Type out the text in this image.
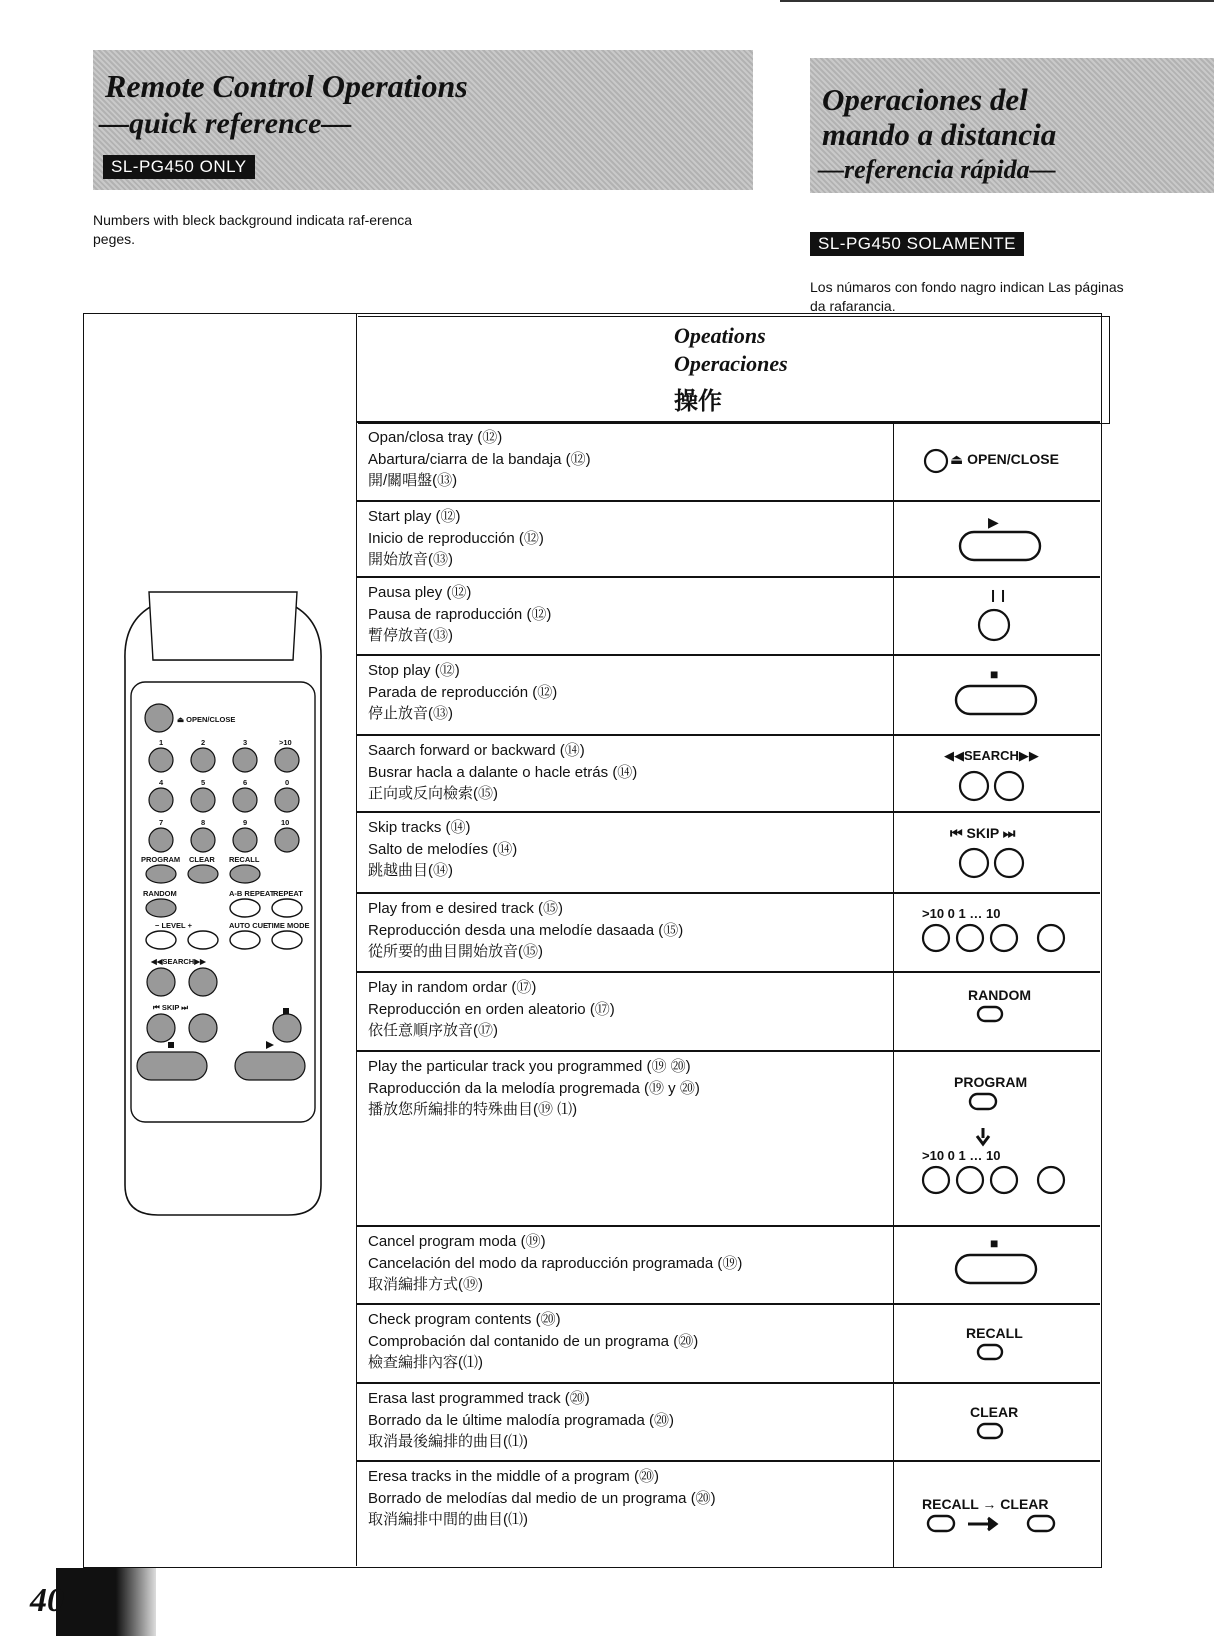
Remote Control Operations
—quick reference—
SL-PG450 ONLY
Numbers with bleck background indicata raf-erenca peges.
Operaciones del
mando a distancia
—referencia rápida—
SL-PG450 SOLAMENTE
Los númaros con fondo nagro indican Las páginas da rafarancia.
Opeations
Operaciones
操作
⏏ OPEN/CLOSE
1	2	3	>10
4	5	6	0
7	8	9	10
PROGRAM CLEAR RECALL
RANDOM	A-B REPEAT
REPEAT
− LEVEL +	AUTO CUE
TIME MODE
◀◀SEARCH▶▶
⏮ SKIP ⏭
Opan/closa tray (⑫)
Abartura/ciarra de la bandaja (⑫)
開/關唱盤(⑬)
⏏ OPEN/CLOSE
Start play (⑫)
Inicio de reproducción (⑫)
開始放音(⑬)
▶
Pausa pley (⑫)
Pausa de raproducción (⑫)
暫停放音(⑬)
❙❙
Stop play (⑫)
Parada de reproducción (⑫)
停止放音(⑬)
■
Saarch forward or backward (⑭)
Busrar hacla a dalante o hacle etrás (⑭)
正向或反向檢索(⑮)
◀◀SEARCH▶▶
Skip tracks (⑭)
Salto de melodíes (⑭)
跳越曲目(⑭)
⏮ SKIP ⏭
Play from e desired track (⑮)
Reproducción desda una melodíe dasaada (⑮)
從所要的曲目開始放音(⑮)
>10 0 1 … 10
Play in random ordar (⑰)
Reproducción en orden aleatorio (⑰)
依任意順序放音(⑰)
RANDOM
Play the particular track you programmed (⑲ ⑳)
Raproducción da la melodía progremada (⑲ y ⑳)
播放您所編排的特殊曲目(⑲ ⑴)
PROGRAM
>10 0 1 … 10
Cancel program moda (⑲)
Cancelación del modo da raproducción programada (⑲)
取消編排方式(⑲)
■
Check program contents (⑳)
Comprobación dal contanido de un programa (⑳)
檢查編排內容(⑴)
RECALL
Erasa last programmed track (⑳)
Borrado da le últime malodía programada (⑳)
取消最後編排的曲目(⑴)
CLEAR
Eresa tracks in the middle of a program (⑳)
Borrado de melodías dal medio de un programa (⑳)
取消編排中間的曲目(⑴)
RECALL → CLEAR
40
